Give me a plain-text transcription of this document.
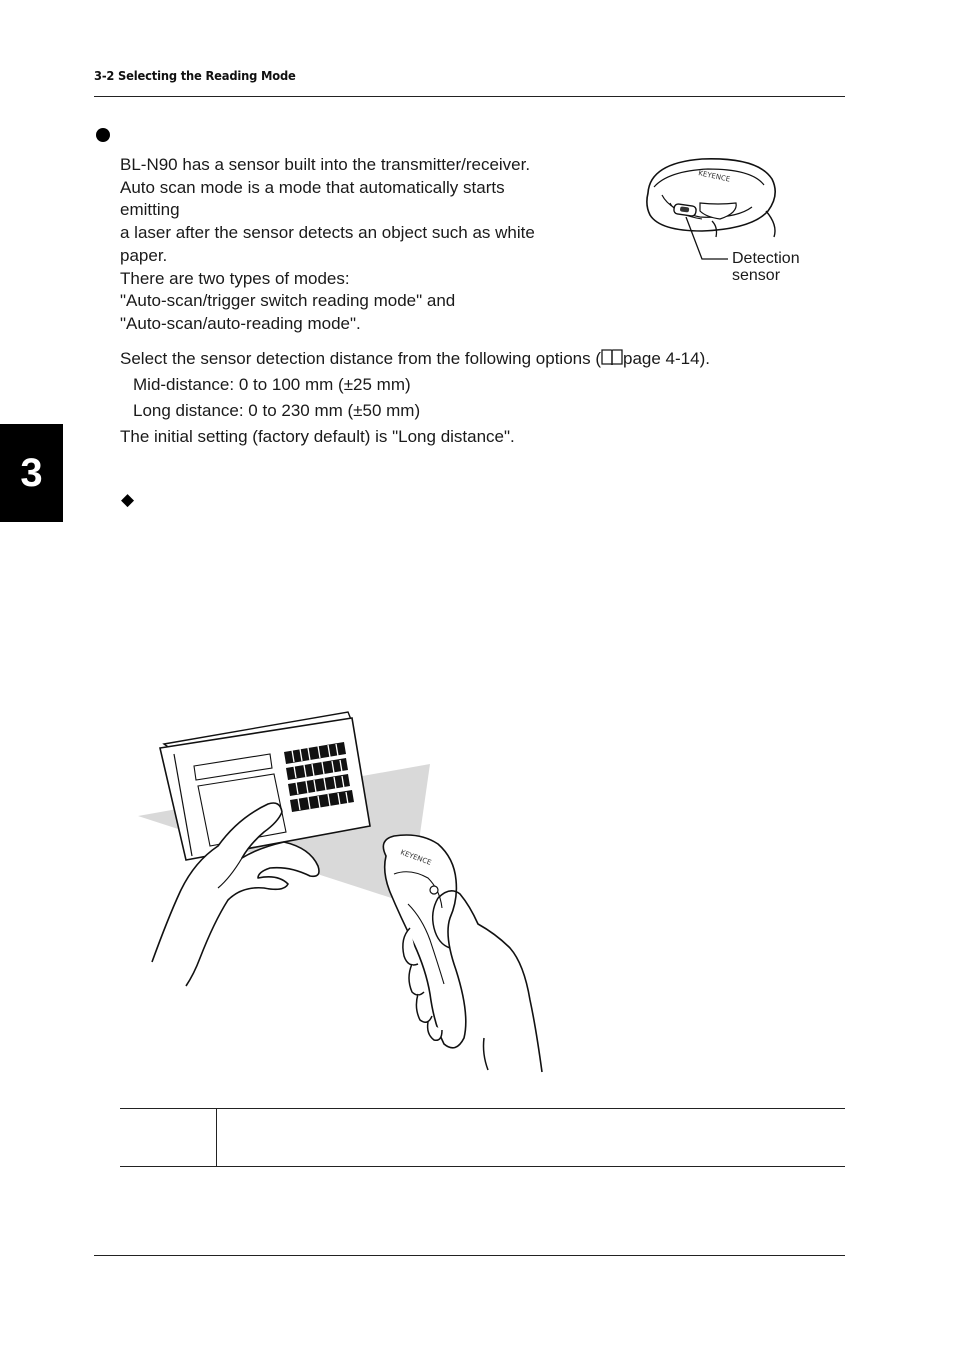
3-2 Selecting the Reading Mode
BL-N90 has a sensor built into the transmitter/receiver.
Auto scan mode is a mode that automatically starts
emitting
a laser after the sensor detects an object such as white
paper.
There are two types of modes:
"Auto-scan/trigger switch reading mode" and
"Auto-scan/auto-reading mode".
Select the sensor detection distance from the following options ( page 4-14).
Mid-distance: 0 to 100 mm (±25 mm)
Long distance: 0 to 230 mm (±50 mm)
The initial setting (factory default) is "Long distance".
◆
KEYENCE
Detection
sensor
3
KEYENCE
